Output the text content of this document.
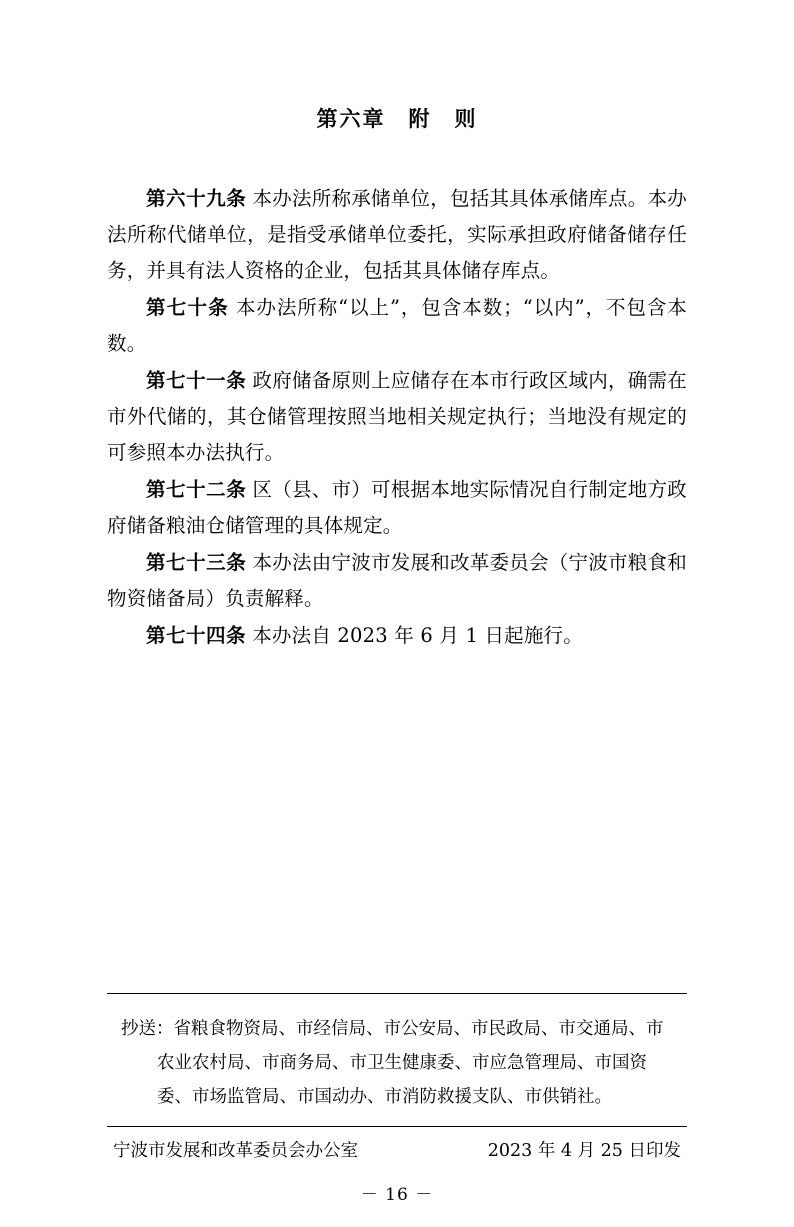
第六章　附　则

第六十九条 本办法所称承储单位，包括其具体承储库点。本办法所称代储单位，是指受承储单位委托，实际承担政府储备储存任务，并具有法人资格的企业，包括其具体储存库点。

第七十条 本办法所称“以上”，包含本数；“以内”，不包含本数。

第七十一条 政府储备原则上应储存在本市行政区域内，确需在市外代储的，其仓储管理按照当地相关规定执行；当地没有规定的可参照本办法执行。

第七十二条 区（县、市）可根据本地实际情况自行制定地方政府储备粮油仓储管理的具体规定。

第七十三条 本办法由宁波市发展和改革委员会（宁波市粮食和物资储备局）负责解释。

第七十四条 本办法自 2023 年 6 月 1 日起施行。

抄送：省粮食物资局、市经信局、市公安局、市民政局、市交通局、市
农业农村局、市商务局、市卫生健康委、市应急管理局、市国资
委、市场监管局、市国动办、市消防救援支队、市供销社。
宁波市发展和改革委员会办公室	2023 年 4 月 25 日印发
－ 16 －
